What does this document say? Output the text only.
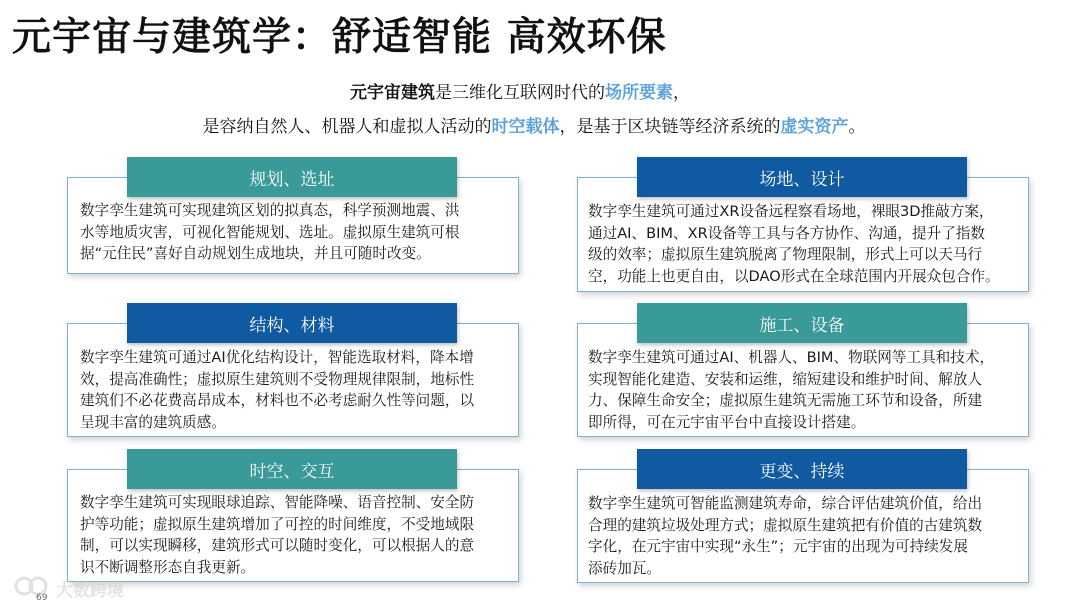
元宇宙与建筑学：舒适智能 高效环保
元宇宙建筑是三维化互联网时代的场所要素，
是容纳自然人、机器人和虚拟人活动的时空载体，是基于区块链等经济系统的虚实资产。
数字孪生建筑可实现建筑区划的拟真态，科学预测地震、洪
水等地质灾害，可视化智能规划、选址。虚拟原生建筑可根
据“元住民”喜好自动规划生成地块，并且可随时改变。
规划、选址
数字孪生建筑可通过AI优化结构设计，智能选取材料，降本增
效，提高准确性；虚拟原生建筑则不受物理规律限制，地标性
建筑们不必花费高昂成本，材料也不必考虑耐久性等问题，以
呈现丰富的建筑质感。
结构、材料
数字孪生建筑可实现眼球追踪、智能降噪、语音控制、安全防
护等功能；虚拟原生建筑增加了可控的时间维度，不受地域限
制，可以实现瞬移，建筑形式可以随时变化，可以根据人的意
识不断调整形态自我更新。
时空、交互
数字孪生建筑可通过XR设备远程察看场地，裸眼3D推敲方案，
通过AI、BIM、XR设备等工具与各方协作、沟通，提升了指数
级的效率；虚拟原生建筑脱离了物理限制，形式上可以天马行
空，功能上也更自由，以DAO形式在全球范围内开展众包合作。
场地、设计
数字孪生建筑可通过AI、机器人、BIM、物联网等工具和技术，
实现智能化建造、安装和运维，缩短建设和维护时间、解放人
力、保障生命安全；虚拟原生建筑无需施工环节和设备，所建
即所得，可在元宇宙平台中直接设计搭建。
施工、设备
数字孪生建筑可智能监测建筑寿命，综合评估建筑价值，给出
合理的建筑垃圾处理方式；虚拟原生建筑把有价值的古建筑数
字化，在元宇宙中实现“永生”；元宇宙的出现为可持续发展
添砖加瓦。
更变、持续
大数跨境
69
